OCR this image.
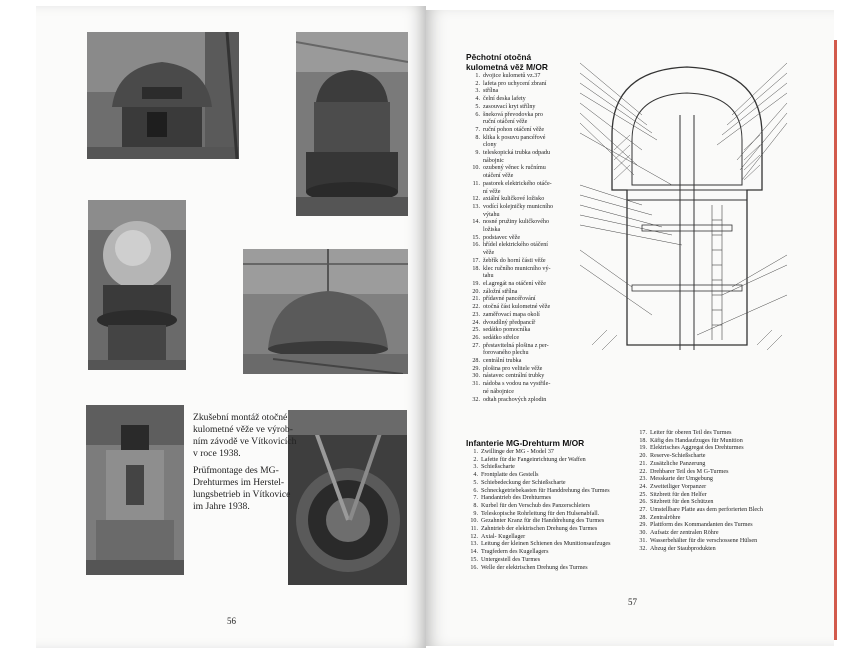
Zkušební montáž otočné
kulometné věže ve výrob-
ním závodě ve Vítkovicích
v roce 1938.
Prüfmontage des MG-
Drehturmes im Herstel-
lungsbetrieb in Vítkovice
im Jahre 1938.
56
Pěchotní otočná
kulometná věž M/OR
1. dvojice kulometů vz.37
2. lafeta pro uchycení zbraní
3. střílna
4. čelní deska lafety
5. zasouvací kryt střílny
6. šneková převodovka pro
ruční otáčení věže
7. ruční pohon otáčení věže
8. klika k posuvu pancéřové
clony
9. teleskopická trubka odpadu
nábojnic
10. ozubený věnec k ručnímu
otáčení věže
11. pastorek elektrického otáče-
ní věže
12. axiální kuličkové ložisko
13. vodící kolejničky municního
výtahu
14. nosné pružiny kuličkového
ložiska
15. podstavec věže
16. hřídel elektrického otáčení
věže
17. žebřík do horní části věže
18. klec ručního municního vý-
tahu
19. el.agregát na otáčení věže
20. záložní střílna
21. přídavné pancéřování
22. otočná část kulometné věže
23. zaměřovací mapa okolí
24. dvoudílný předpancíř
25. sedátko pomocníka
26. sedátko střelce
27. přestavitelná plošina z per-
forovaného plechu
28. centrální trubka
29. plošina pro velitele věže
30. nástavec centrální trubky
31. nádoba s vodou na vystřile-
né nábojnice
32. odtah prachových zplodin
Infanterie MG-Drehturm M/OR
1. Zwillinge der MG - Model 37
2. Lafette für die Fangeinrichtung der Waffen
3. Schießscharte
4. Frontplatte des Gestells
5. Schiebedeckung der Schießscharte
6. Schneckgetriebekasten für Handdrehung des Turmes
7. Handantrieb des Drehturmes
8. Kurbel für den Verschub des Panzerschleiers
9. Teleskopische Rohrleitung für den Hulsenabfall.
10. Gezahnter Kranz für die Handdrehung des Turmes
11. Zahntrieb der elektrischen Drehung des Turmes
12. Axial- Kugellager
13. Leitung der kleinen Schienen des Munitionsaufzuges
14. Tragfedern des Kugellagers
15. Untergestell des Turmes
16. Welle der elektrischen Drehung des Turmes
17. Leiter für oberen Teil des Turmes
18. Käfig des Handaufzuges für Munition
19. Elektrisches Aggregat des Drehturmes
20. Reserve-Schießscharte
21. Zusätzliche Panzerung
22. Drehbarer Teil des M G-Turmes
23. Messkarte der Umgebung
24. Zweiteiliger Vorpanzer
25. Sitzbrett für den Helfer
26. Sitzbrett für den Schützen
27. Umstellbare Platte aus dem perforierten Blech
28. Zentralröhre
29. Plattform des Kommandanten des Turmes
30. Aufsatz der zentralen Röhre
31. Wasserbehälter für die verschossene Hülsen
32. Abzug der Staubprodukten
57
